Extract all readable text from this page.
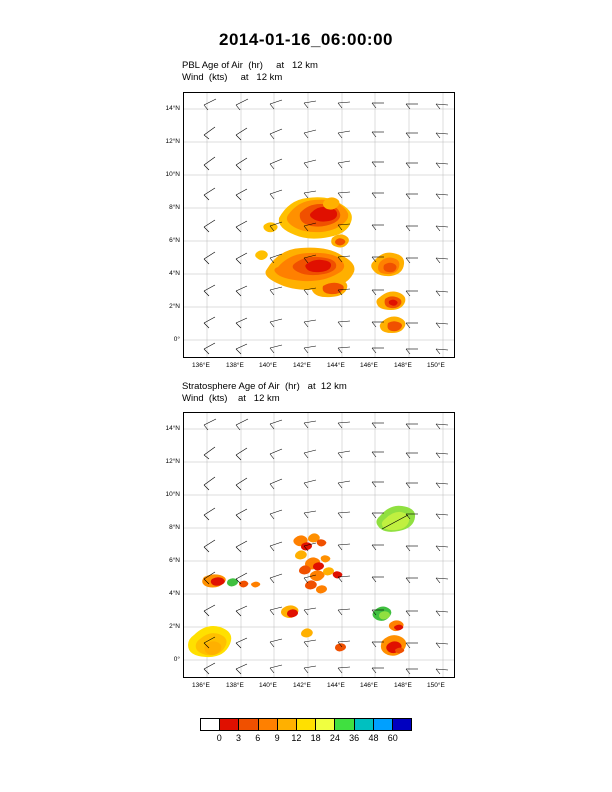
2014-01-16_06:00:00
PBL Age of Air  (hr)     at   12 km
Wind  (kts)     at   12 km
14°N
12°N
10°N
8°N
6°N
4°N
2°N
0°
136°E 138°E 140°E 142°E 144°E 146°E 148°E 150°E
Stratosphere Age of Air  (hr)   at  12 km
Wind  (kts)    at   12 km
14°N
12°N
10°N
8°N
6°N
4°N
2°N
0°
136°E 138°E 140°E 142°E 144°E 146°E 148°E 150°E
0 3 6 9 12 18 24 36 48 60
